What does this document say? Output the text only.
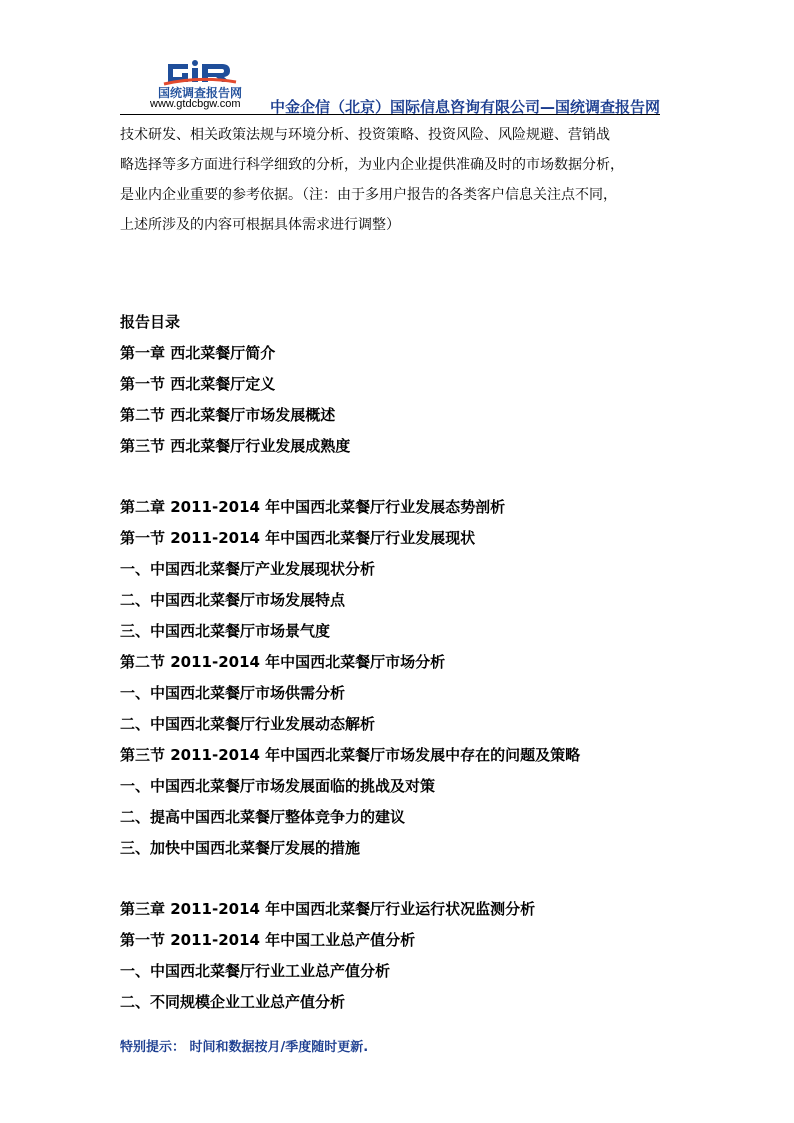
国统调查报告网
www.gtdcbgw.com 中金企信（北京）国际信息咨询有限公司—国统调查报告网

技术研发、相关政策法规与环境分析、投资策略、投资风险、风险规避、营销战

略选择等多方面进行科学细致的分析，为业内企业提供准确及时的市场数据分析，

是业内企业重要的参考依据。（注：由于多用户报告的各类客户信息关注点不同，

上述所涉及的内容可根据具体需求进行调整）

报告目录
第一章 西北菜餐厅简介
第一节 西北菜餐厅定义
第二节 西北菜餐厅市场发展概述
第三节 西北菜餐厅行业发展成熟度
第二章 2011-2014 年中国西北菜餐厅行业发展态势剖析
第一节 2011-2014 年中国西北菜餐厅行业发展现状
一、中国西北菜餐厅产业发展现状分析
二、中国西北菜餐厅市场发展特点
三、中国西北菜餐厅市场景气度
第二节 2011-2014 年中国西北菜餐厅市场分析
一、中国西北菜餐厅市场供需分析
二、中国西北菜餐厅行业发展动态解析
第三节 2011-2014 年中国西北菜餐厅市场发展中存在的问题及策略
一、中国西北菜餐厅市场发展面临的挑战及对策
二、提高中国西北菜餐厅整体竞争力的建议
三、加快中国西北菜餐厅发展的措施
第三章 2011-2014 年中国西北菜餐厅行业运行状况监测分析
第一节 2011-2014 年中国工业总产值分析
一、中国西北菜餐厅行业工业总产值分析
二、不同规模企业工业总产值分析
特别提示： 时间和数据按月/季度随时更新.
